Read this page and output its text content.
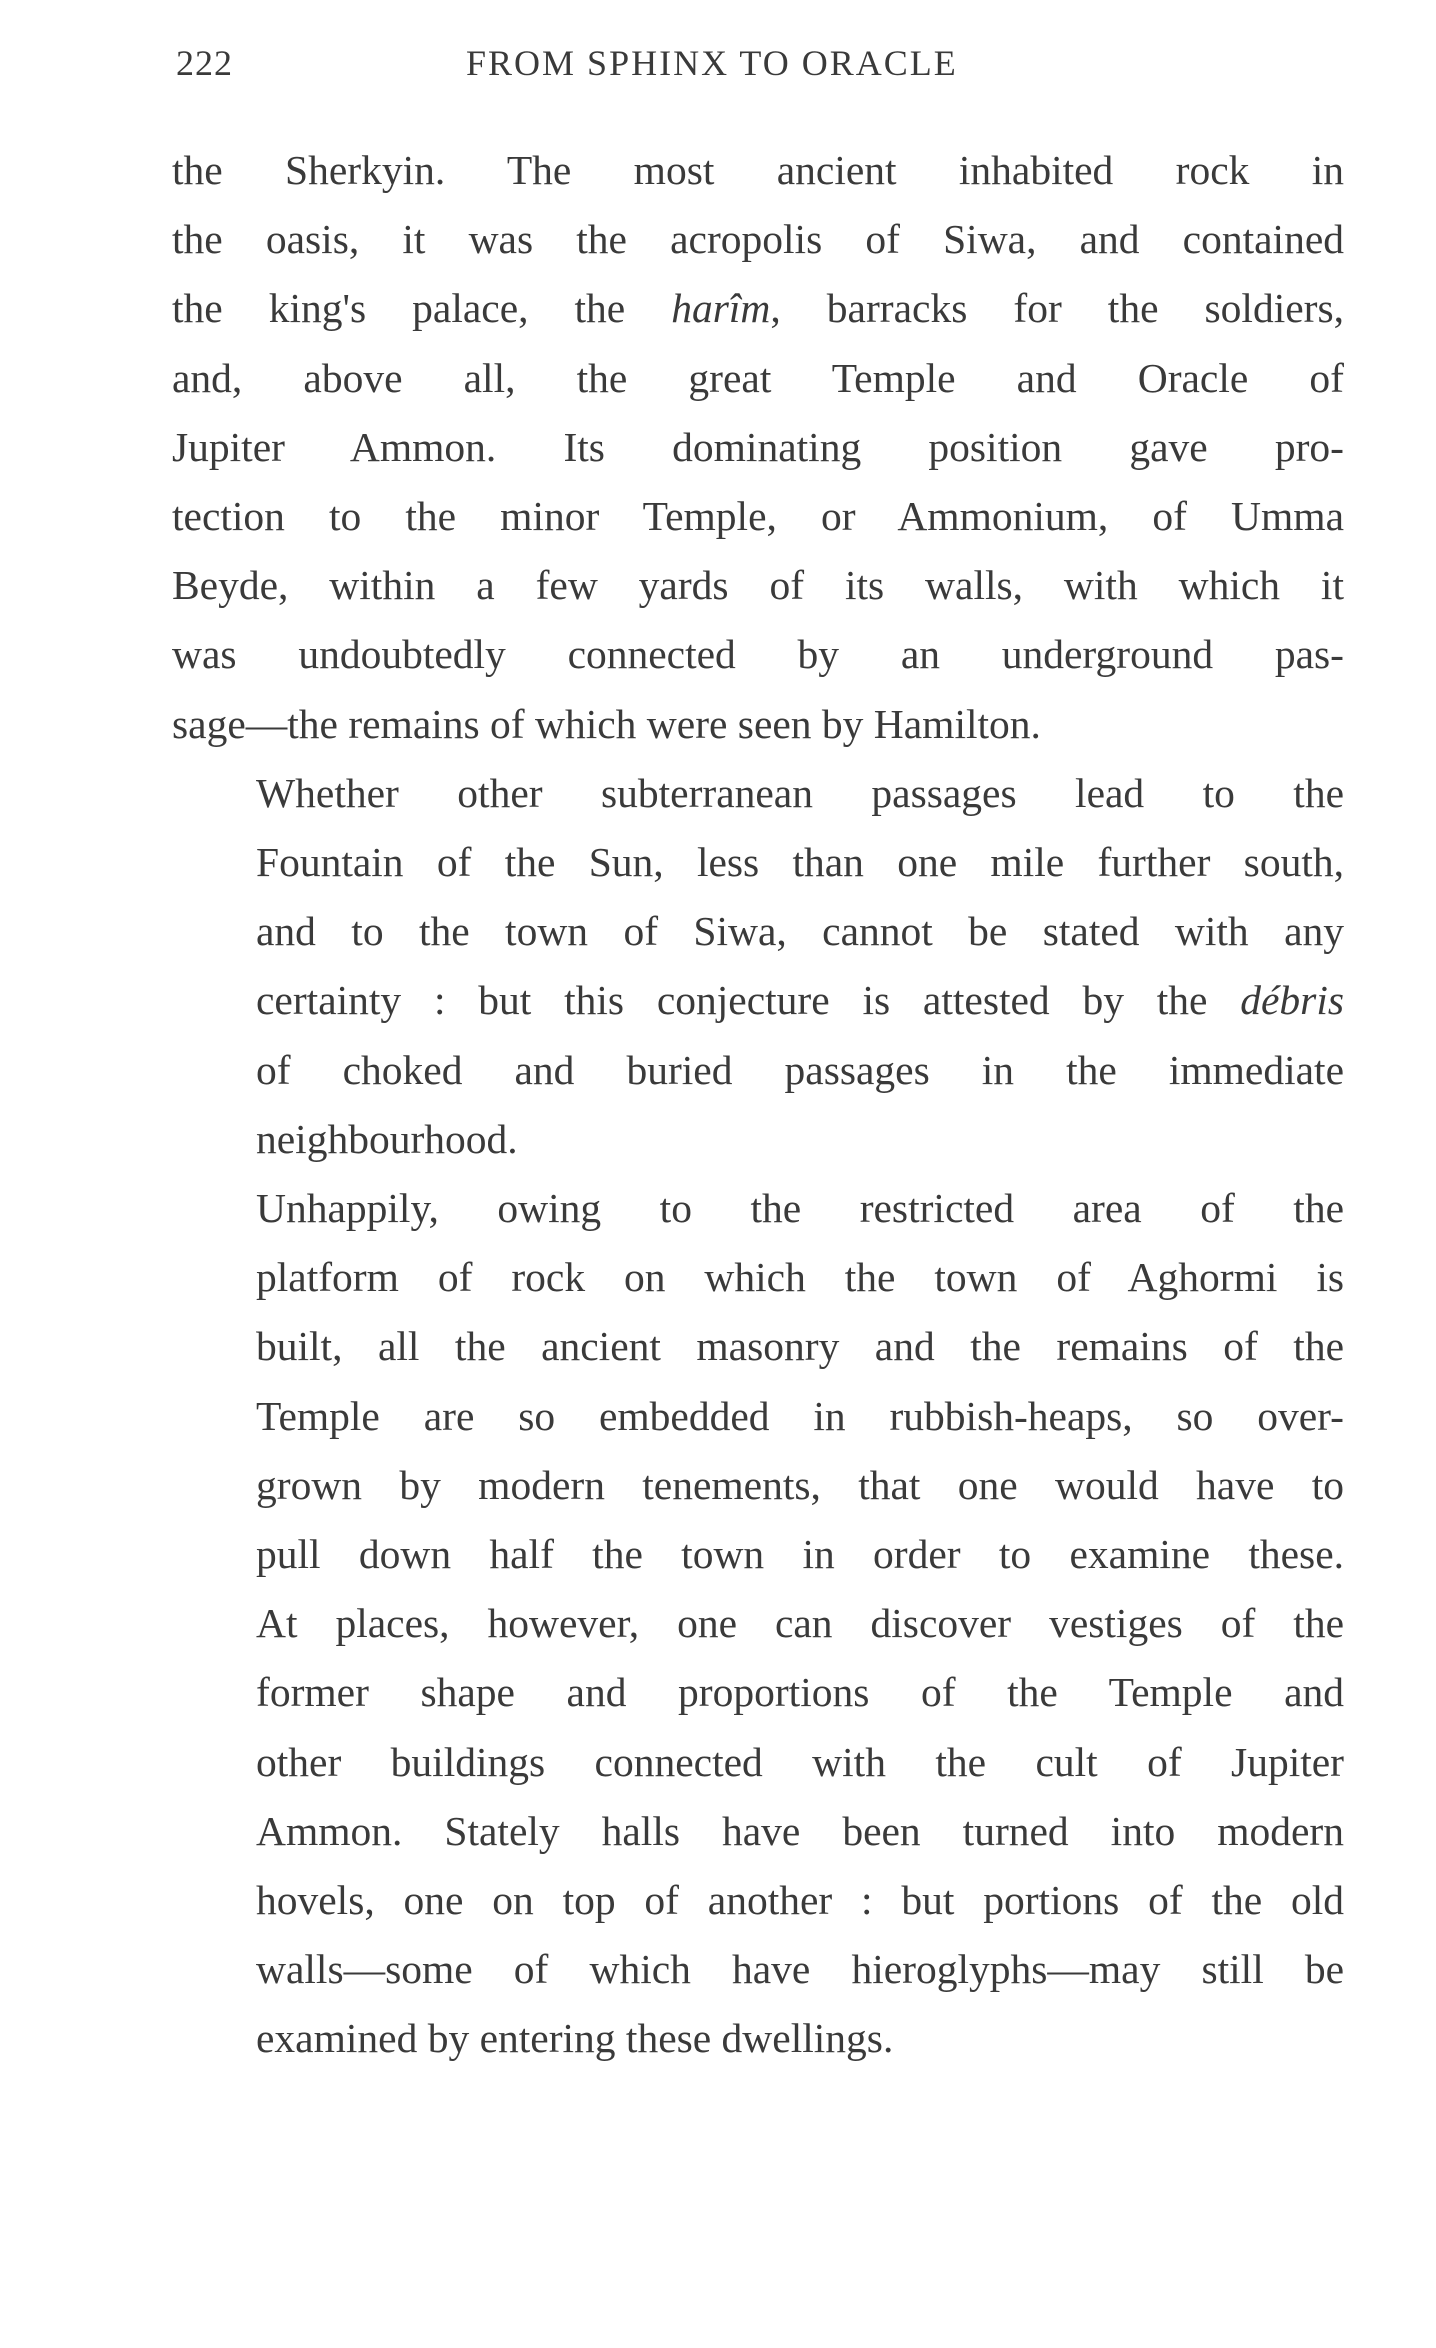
222	FROM SPHINX TO ORACLE

the Sherkyin. The most ancient inhabited rock in
the oasis, it was the acropolis of Siwa, and contained
the king's palace, the harîm, barracks for the soldiers,
and, above all, the great Temple and Oracle of
Jupiter Ammon. Its dominating position gave pro-
tection to the minor Temple, or Ammonium, of Umma
Beyde, within a few yards of its walls, with which it
was undoubtedly connected by an underground pas-
sage—the remains of which were seen by Hamilton.

Whether other subterranean passages lead to the
Fountain of the Sun, less than one mile further south,
and to the town of Siwa, cannot be stated with any
certainty : but this conjecture is attested by the débris
of choked and buried passages in the immediate
neighbourhood.

Unhappily, owing to the restricted area of the
platform of rock on which the town of Aghormi is
built, all the ancient masonry and the remains of the
Temple are so embedded in rubbish-heaps, so over-
grown by modern tenements, that one would have to
pull down half the town in order to examine these.
At places, however, one can discover vestiges of the
former shape and proportions of the Temple and
other buildings connected with the cult of Jupiter
Ammon. Stately halls have been turned into modern
hovels, one on top of another : but portions of the old
walls—some of which have hieroglyphs—may still be
examined by entering these dwellings.
